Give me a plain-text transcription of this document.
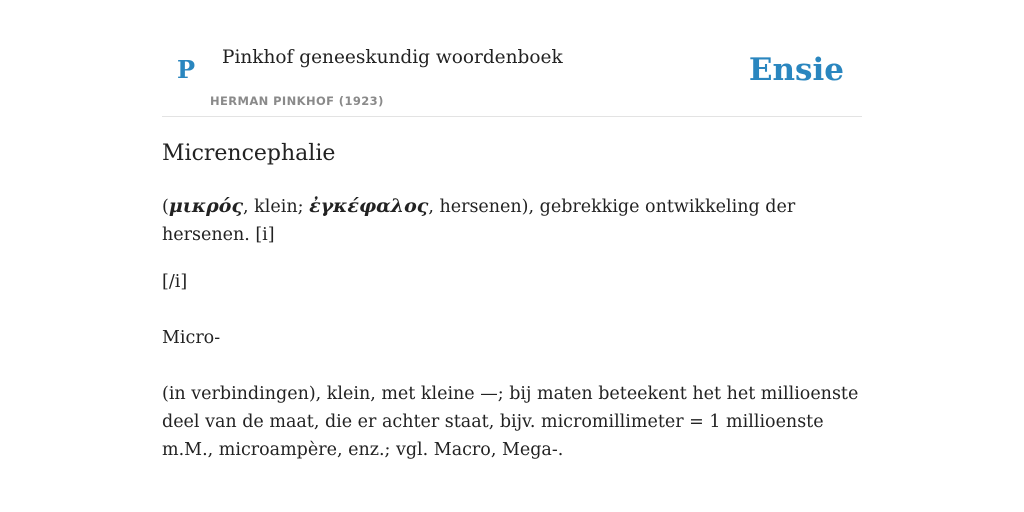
P Pinkhof geneeskundig woordenboek
HERMAN PINKHOF (1923)
Ensie
Micrencephalie

(μικρός, klein; ἐγκέφαλος, hersenen), gebrekkige ontwikkeling der hersenen. [i]

[/i]

Micro-

(in verbindingen), klein, met kleine —; bij maten beteekent het het millioenste deel van de maat, die er achter staat, bijv. micromillimeter = 1 millioenste m.M., microampère, enz.; vgl. Macro, Mega-.
